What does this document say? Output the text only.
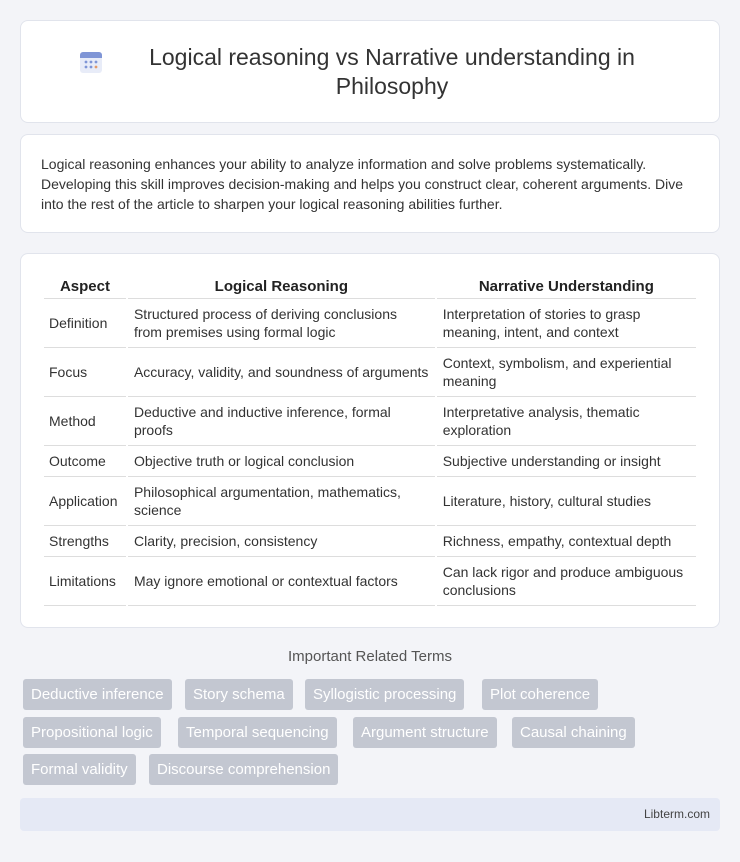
Logical reasoning vs Narrative understanding in Philosophy

Logical reasoning enhances your ability to analyze information and solve problems systematically. Developing this skill improves decision-making and helps you construct clear, coherent arguments. Dive into the rest of the article to sharpen your logical reasoning abilities further.

Aspect	Logical Reasoning	Narrative Understanding
Definition	Structured process of deriving conclusions from premises using formal logic	Interpretation of stories to grasp meaning, intent, and context
Focus	Accuracy, validity, and soundness of arguments	Context, symbolism, and experiential meaning
Method	Deductive and inductive inference, formal proofs	Interpretative analysis, thematic exploration
Outcome	Objective truth or logical conclusion	Subjective understanding or insight
Application	Philosophical argumentation, mathematics, science	Literature, history, cultural studies
Strengths	Clarity, precision, consistency	Richness, empathy, contextual depth
Limitations	May ignore emotional or contextual factors	Can lack rigor and produce ambiguous conclusions
Important Related Terms
Deductive inference	Story schema	Syllogistic processing	Plot coherence
Propositional logic	Temporal sequencing	Argument structure	Causal chaining
Formal validity	Discourse comprehension
Libterm.com
